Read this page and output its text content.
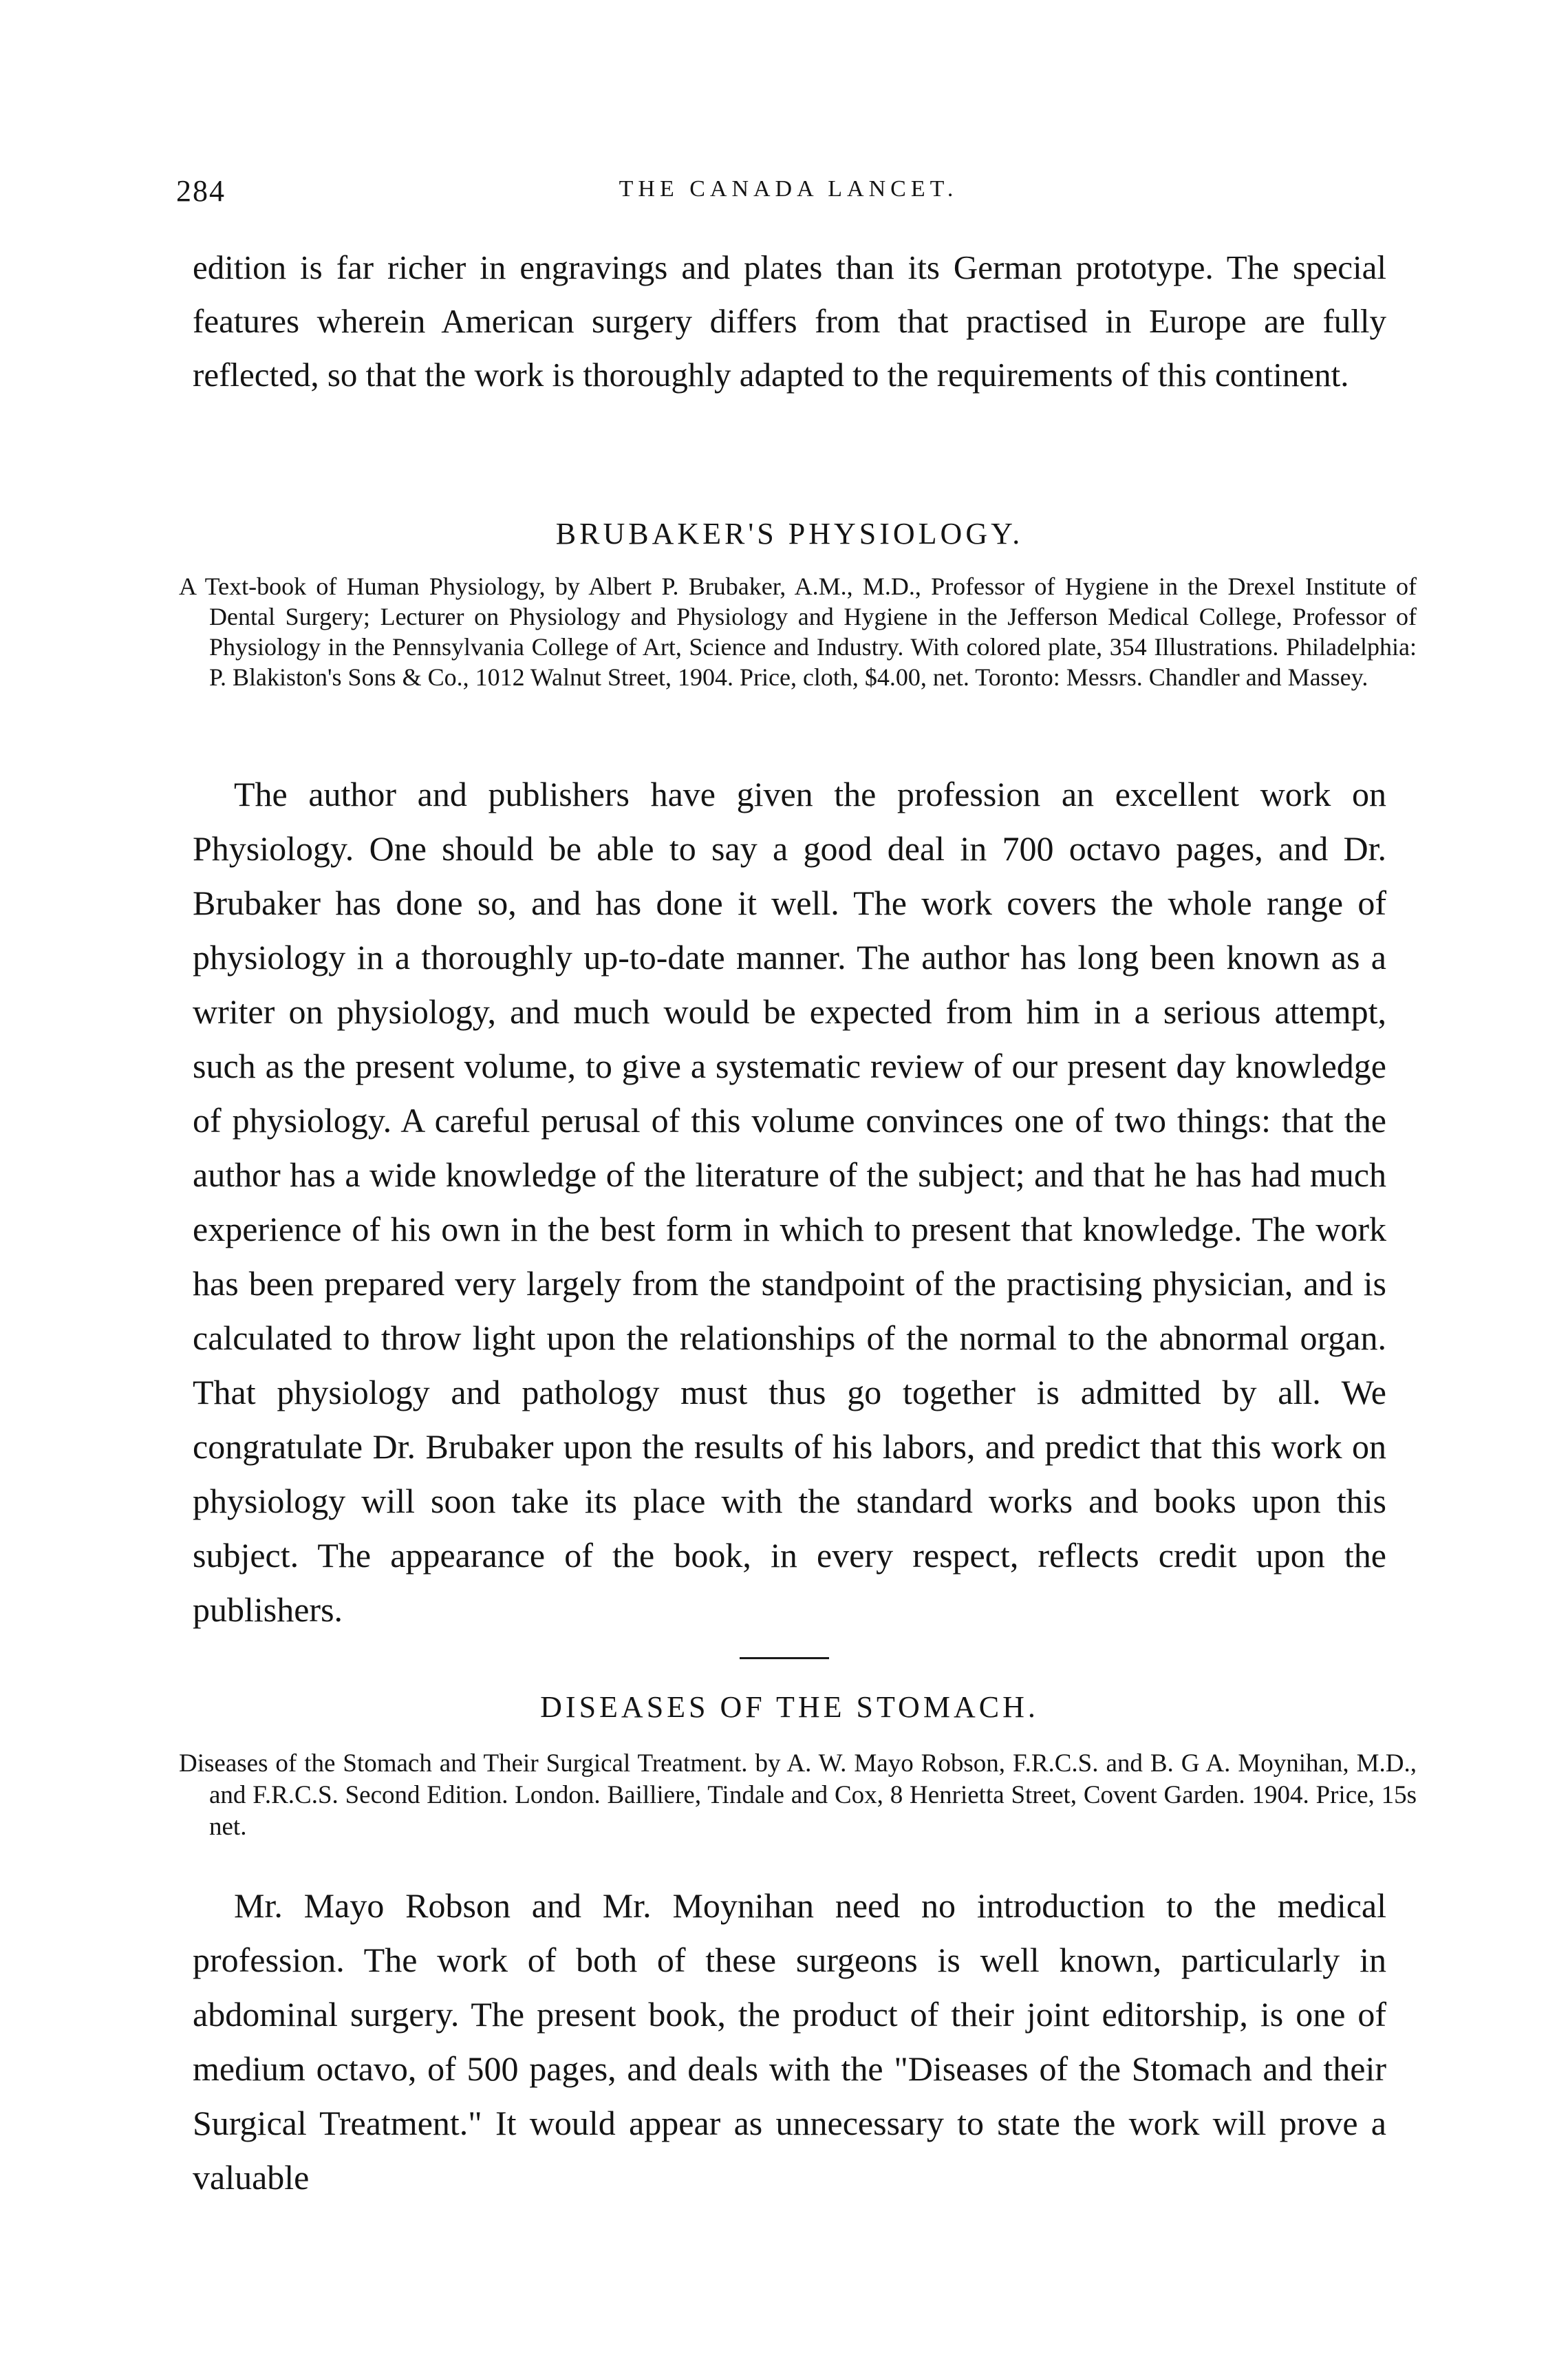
284	THE CANADA LANCET.

edition is far richer in engravings and plates than its German prototype. The special features wherein American surgery differs from that practised in Europe are fully reflected, so that the work is thoroughly adapted to the requirements of this continent.

BRUBAKER'S PHYSIOLOGY.

A Text-book of Human Physiology, by Albert P. Brubaker, A.M., M.D., Professor of Hygiene in the Drexel Institute of Dental Surgery; Lecturer on Physiology and Physiology and Hygiene in the Jefferson Medical College, Professor of Physiology in the Pennsylvania College of Art, Science and Industry. With colored plate, 354 Illustrations. Philadelphia: P. Blakiston's Sons & Co., 1012 Walnut Street, 1904. Price, cloth, $4.00, net. Toronto: Messrs. Chandler and Massey.

The author and publishers have given the profession an excellent work on Physiology. One should be able to say a good deal in 700 octavo pages, and Dr. Brubaker has done so, and has done it well. The work covers the whole range of physiology in a thoroughly up-to-date manner. The author has long been known as a writer on physiology, and much would be expected from him in a serious attempt, such as the present volume, to give a systematic review of our present day knowledge of physiology. A careful perusal of this volume convinces one of two things: that the author has a wide knowledge of the literature of the subject; and that he has had much experience of his own in the best form in which to present that knowledge. The work has been prepared very largely from the standpoint of the practising physician, and is calculated to throw light upon the relationships of the normal to the abnormal organ. That physiology and pathology must thus go together is admitted by all. We congratulate Dr. Brubaker upon the results of his labors, and predict that this work on physiology will soon take its place with the standard works and books upon this subject. The appearance of the book, in every respect, reflects credit upon the publishers.

DISEASES OF THE STOMACH.

Diseases of the Stomach and Their Surgical Treatment. by A. W. Mayo Robson, F.R.C.S. and B. G A. Moynihan, M.D., and F.R.C.S. Second Edition. London. Bailliere, Tindale and Cox, 8 Henrietta Street, Covent Garden. 1904. Price, 15s net.

Mr. Mayo Robson and Mr. Moynihan need no introduction to the medical profession. The work of both of these surgeons is well known, particularly in abdominal surgery. The present book, the product of their joint editorship, is one of medium octavo, of 500 pages, and deals with the "Diseases of the Stomach and their Surgical Treatment." It would appear as unnecessary to state the work will prove a valuable
